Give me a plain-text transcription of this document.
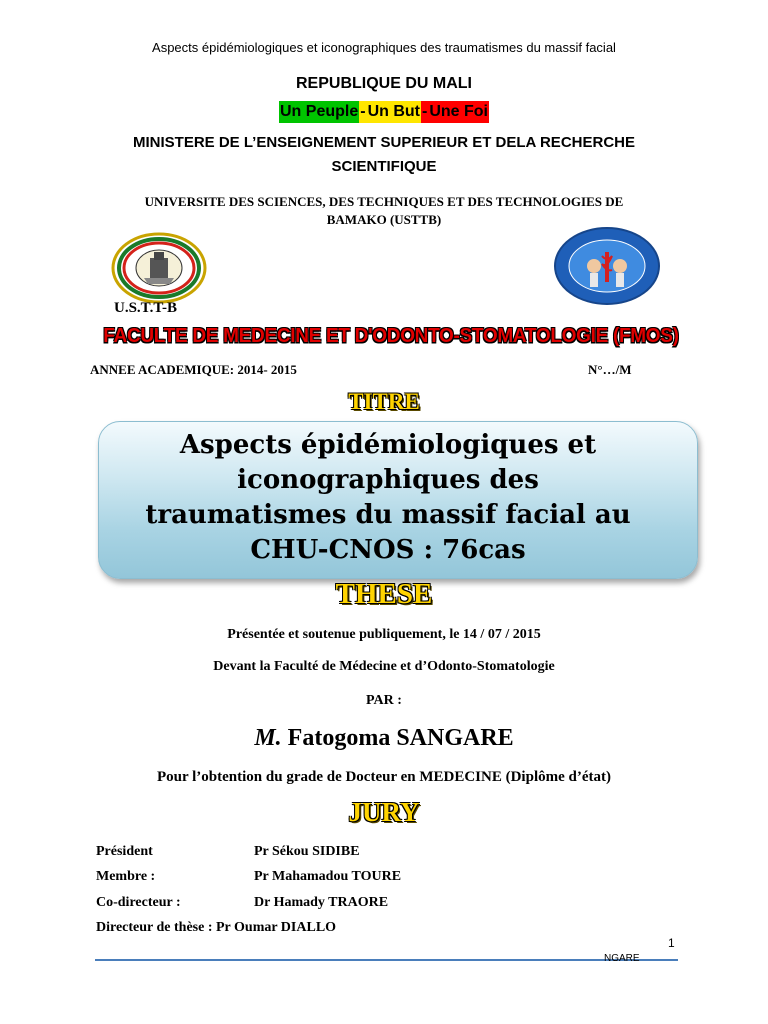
Aspects épidémiologiques et iconographiques des traumatismes du massif facial
REPUBLIQUE DU MALI
Un Peuple - Un But - Une Foi
MINISTERE DE L’ENSEIGNEMENT SUPERIEUR ET DELA RECHERCHE
SCIENTIFIQUE
UNIVERSITE DES SCIENCES, DES TECHNIQUES ET DES TECHNOLOGIES DE
BAMAKO (USTTB)
U.S.T.T-B
FACULTE DE MEDECINE ET D'ODONTO-STOMATOLOGIE (FMOS)
ANNEE ACADEMIQUE: 2014- 2015	N°…/M
TITRE
Aspects épidémiologiques et
iconographiques des
traumatismes du massif facial au
CHU-CNOS : 76cas
THESE
Présentée et soutenue publiquement, le 14 / 07 / 2015
Devant la Faculté de Médecine et d’Odonto-Stomatologie
PAR :
M. Fatogoma SANGARE
Pour l’obtention du grade de Docteur en MEDECINE (Diplôme d’état)
JURY
Président	Pr Sékou SIDIBE
Membre :	Pr Mahamadou TOURE
Co-directeur :	Dr Hamady TRAORE
Directeur de thèse : Pr Oumar DIALLO
1
NGARE
